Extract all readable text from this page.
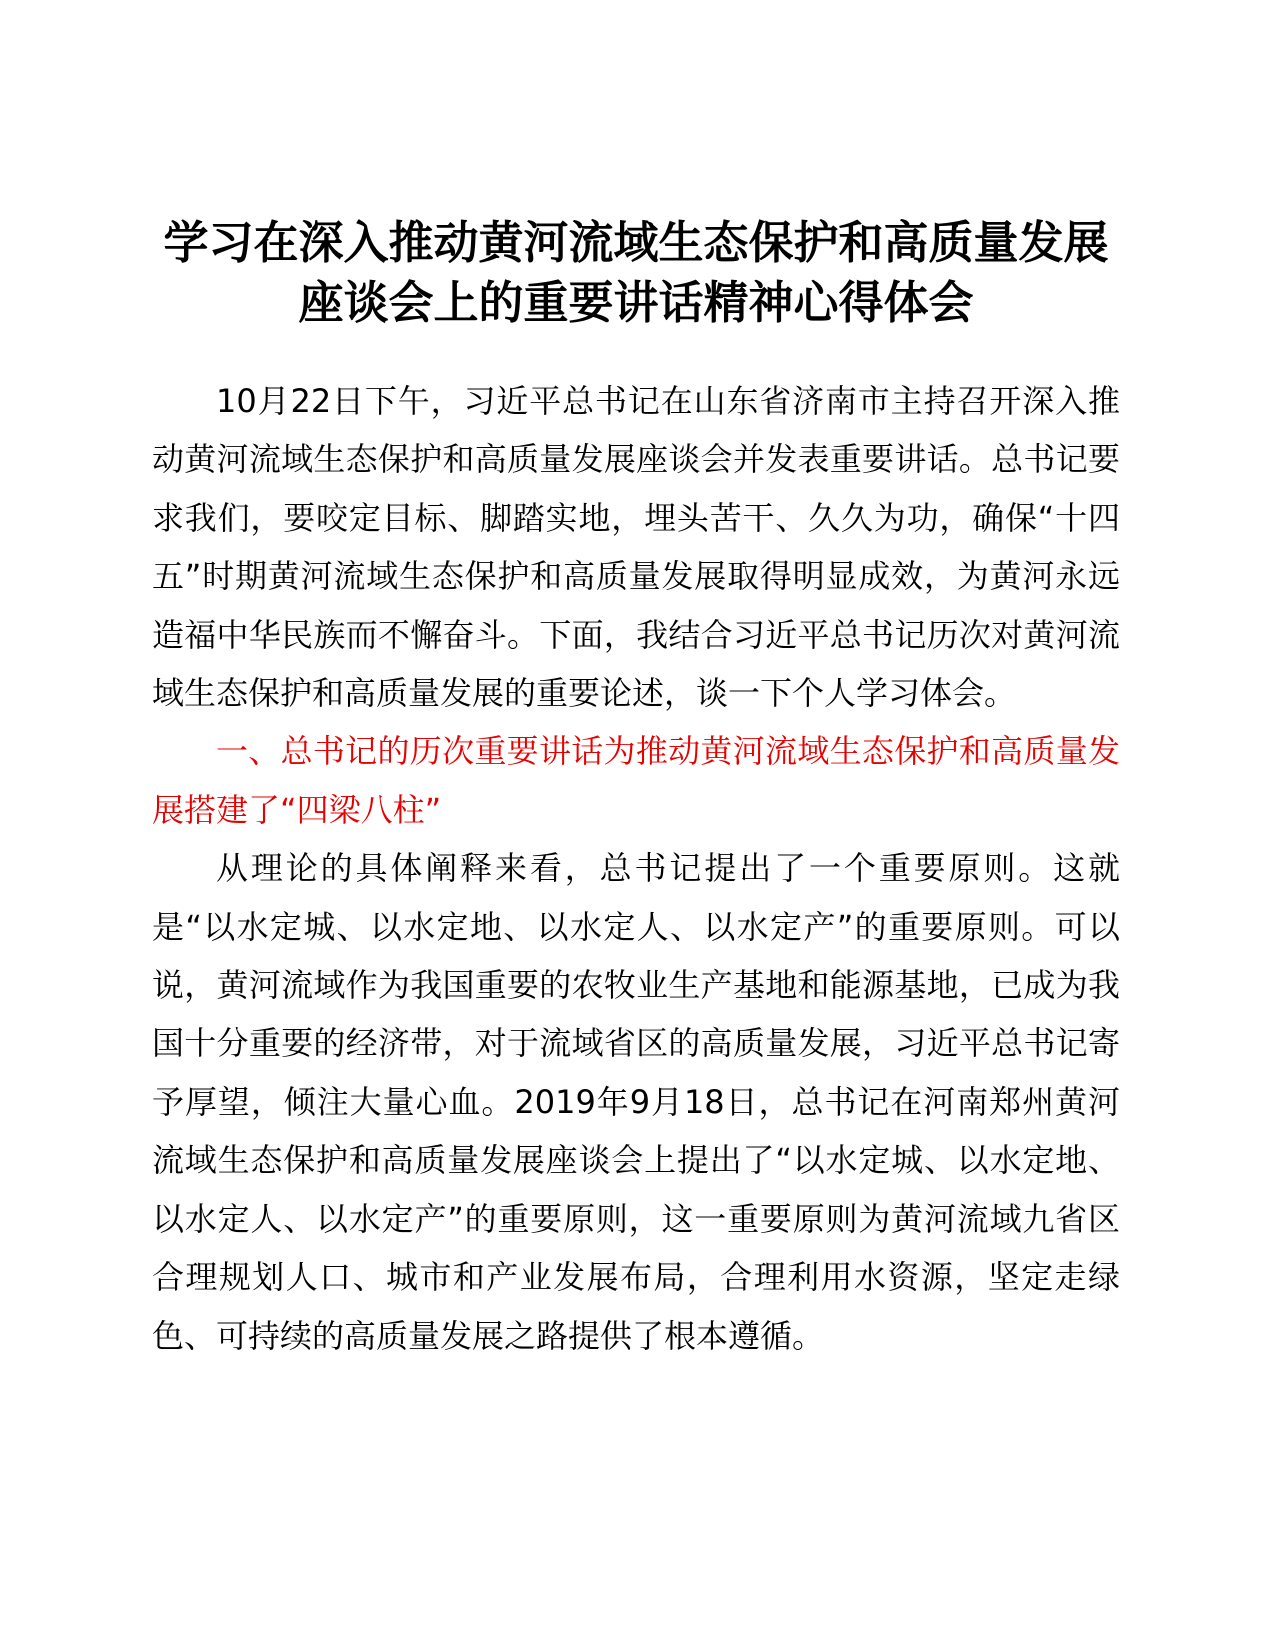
学习在深入推动黄河流域生态保护和高质量发展
座谈会上的重要讲话精神心得体会

10月22日下午，习近平总书记在山东省济南市主持召开深入推动黄河流域生态保护和高质量发展座谈会并发表重要讲话。总书记要求我们，要咬定目标、脚踏实地，埋头苦干、久久为功，确保“十四五”时期黄河流域生态保护和高质量发展取得明显成效，为黄河永远造福中华民族而不懈奋斗。下面，我结合习近平总书记历次对黄河流域生态保护和高质量发展的重要论述，谈一下个人学习体会。

一、总书记的历次重要讲话为推动黄河流域生态保护和高质量发展搭建了“四梁八柱”

从理论的具体阐释来看，总书记提出了一个重要原则。这就是“以水定城、以水定地、以水定人、以水定产”的重要原则。可以说，黄河流域作为我国重要的农牧业生产基地和能源基地，已成为我国十分重要的经济带，对于流域省区的高质量发展，习近平总书记寄予厚望，倾注大量心血。2019年9月18日，总书记在河南郑州黄河流域生态保护和高质量发展座谈会上提出了“以水定城、以水定地、以水定人、以水定产”的重要原则，这一重要原则为黄河流域九省区合理规划人口、城市和产业发展布局，合理利用水资源，坚定走绿色、可持续的高质量发展之路提供了根本遵循。
